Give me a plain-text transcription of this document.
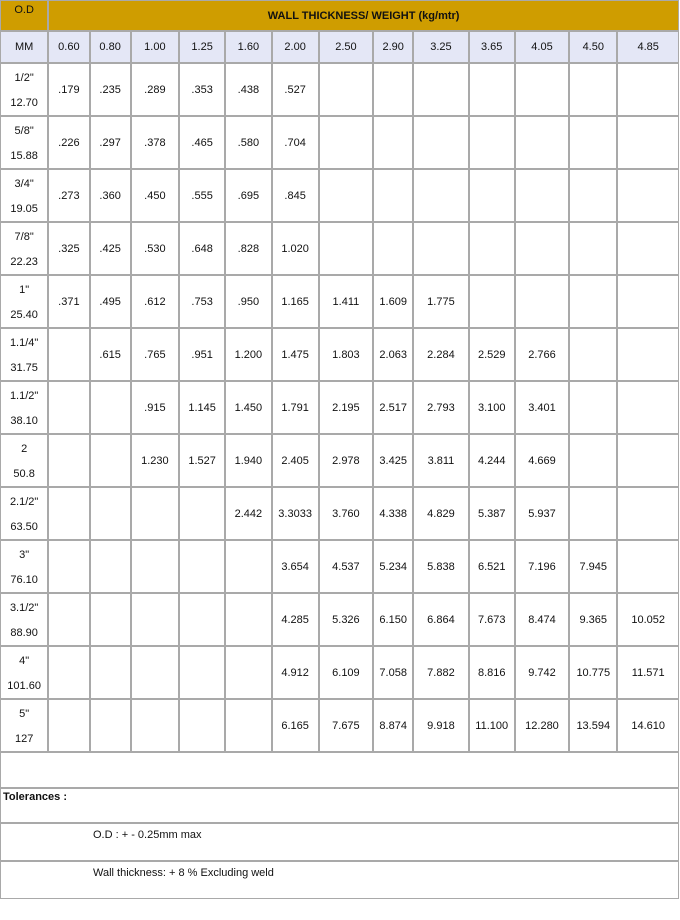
O.D	WALL THICKNESS/ WEIGHT (kg/mtr)												
MM	0.60	0.80	1.00	1.25	1.60	2.00	2.50	2.90	3.25	3.65	4.05	4.50	4.85

1/2"
12.70	.179	.235	.289	.353	.438	.527							

5/8"
15.88	.226	.297	.378	.465	.580	.704							

3/4"
19.05	.273	.360	.450	.555	.695	.845							

7/8"
22.23	.325	.425	.530	.648	.828	1.020							

1"
25.40	.371	.495	.612	.753	.950	1.165	1.411	1.609	1.775				

1.1/4"
31.75		.615	.765	.951	1.200	1.475	1.803	2.063	2.284	2.529	2.766		

1.1/2"
38.10			.915	1.145	1.450	1.791	2.195	2.517	2.793	3.100	3.401		

2
50.8			1.230	1.527	1.940	2.405	2.978	3.425	3.811	4.244	4.669		

2.1/2"
63.50					2.442	3.3033	3.760	4.338	4.829	5.387	5.937		

3"
76.10						3.654	4.537	5.234	5.838	6.521	7.196	7.945	

3.1/2"
88.90						4.285	5.326	6.150	6.864	7.673	8.474	9.365	10.052

4"
101.60						4.912	6.109	7.058	7.882	8.816	9.742	10.775	11.571

5"
127						6.165	7.675	8.874	9.918	11.100	12.280	13.594	14.610

Tolerances :													
O.D : + - 0.25mm max													
Wall thickness: + 8 % Excluding weld													
